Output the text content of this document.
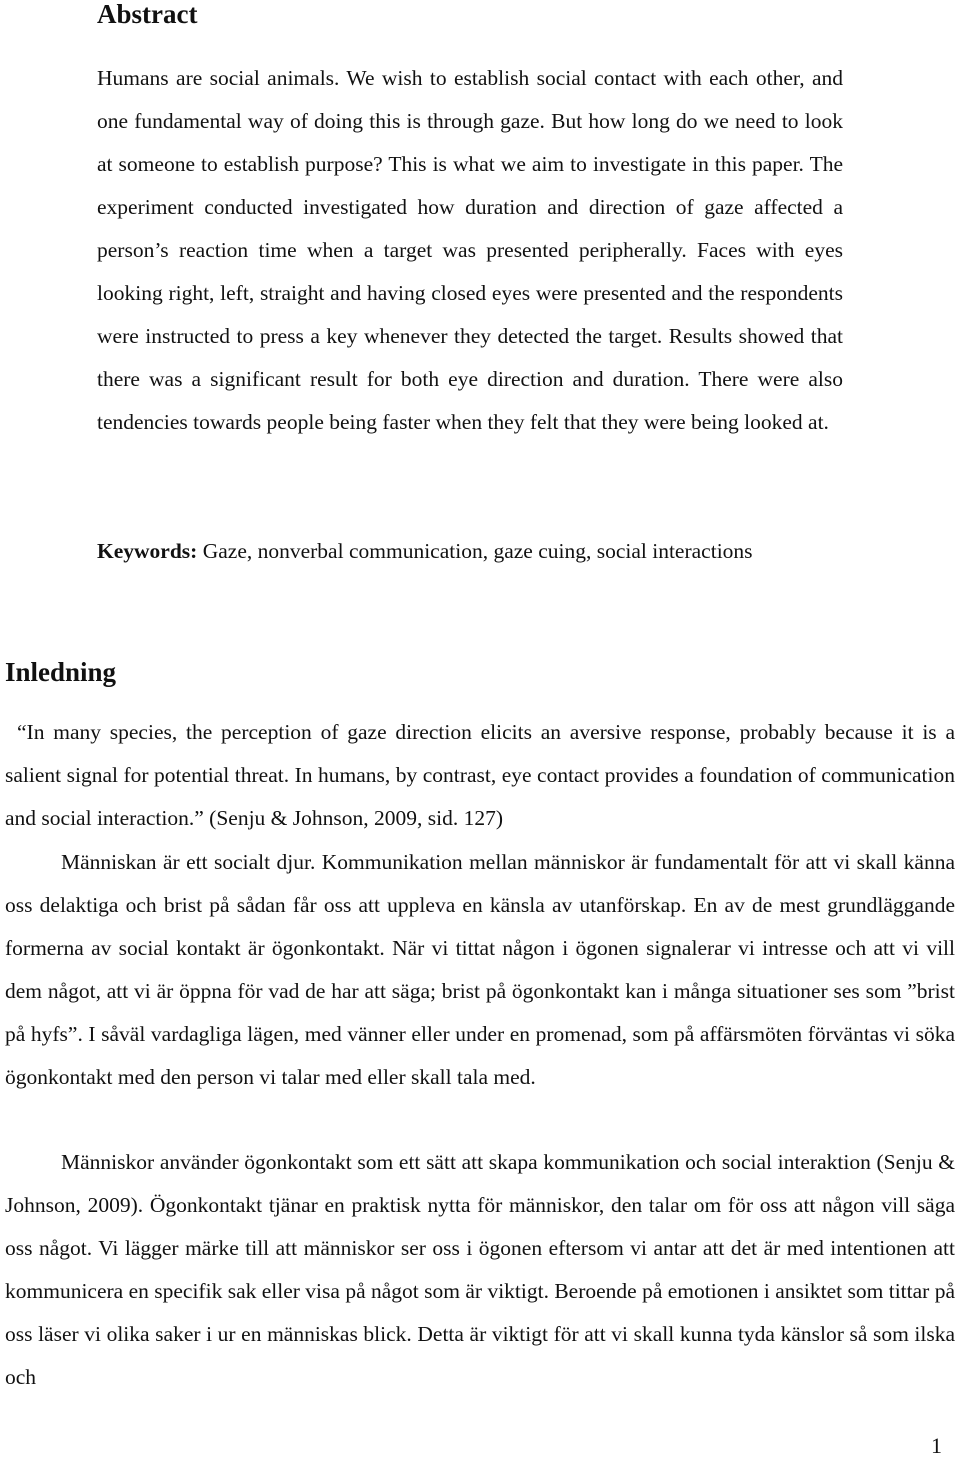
Abstract

Humans are social animals. We wish to establish social contact with each other, and one fundamental way of doing this is through gaze. But how long do we need to look at someone to establish purpose? This is what we aim to investigate in this paper. The experiment conducted investigated how duration and direction of gaze affected a person’s reaction time when a target was presented peripherally. Faces with eyes looking right, left, straight and having closed eyes were presented and the respondents were instructed to press a key whenever they detected the target. Results showed that there was a significant result for both eye direction and duration. There were also tendencies towards people being faster when they felt that they were being looked at.

Keywords: Gaze, nonverbal communication, gaze cuing, social interactions

Inledning

“In many species, the perception of gaze direction elicits an aversive response, probably because it is a salient signal for potential threat. In humans, by contrast, eye contact provides a foundation of communication and social interaction.” (Senju & Johnson, 2009, sid. 127)

Människan är ett socialt djur. Kommunikation mellan människor är fundamentalt för att vi skall känna oss delaktiga och brist på sådan får oss att uppleva en känsla av utanförskap. En av de mest grundläggande formerna av social kontakt är ögonkontakt. När vi tittat någon i ögonen signalerar vi intresse och att vi vill dem något, att vi är öppna för vad de har att säga; brist på ögonkontakt kan i många situationer ses som ”brist på hyfs”. I såväl vardagliga lägen, med vänner eller under en promenad, som på affärsmöten förväntas vi söka ögonkontakt med den person vi talar med eller skall tala med.

Människor använder ögonkontakt som ett sätt att skapa kommunikation och social interaktion (Senju & Johnson, 2009). Ögonkontakt tjänar en praktisk nytta för människor, den talar om för oss att någon vill säga oss något. Vi lägger märke till att människor ser oss i ögonen eftersom vi antar att det är med intentionen att kommunicera en specifik sak eller visa på något som är viktigt. Beroende på emotionen i ansiktet som tittar på oss läser vi olika saker i ur en människas blick. Detta är viktigt för att vi skall kunna tyda känslor så som ilska och

1
